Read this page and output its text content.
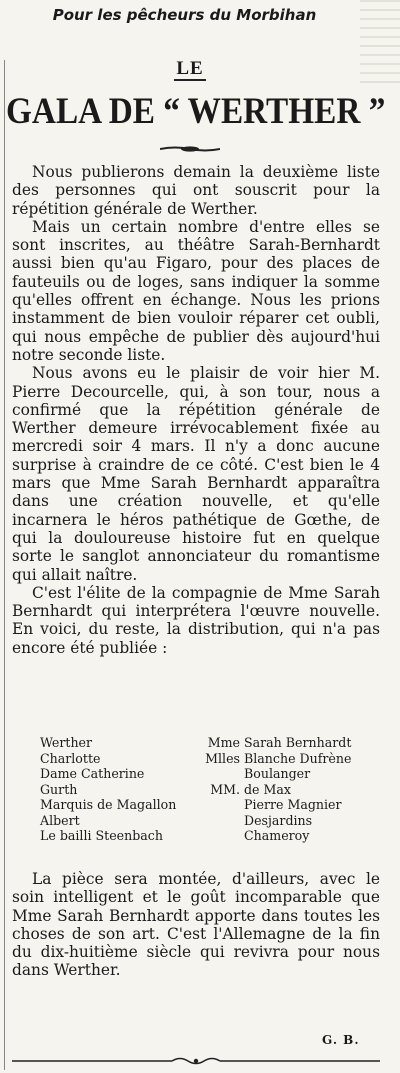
Pour les pêcheurs du Morbihan
LE
GALA DE “ WERTHER ”

Nous publierons demain la deuxième liste des personnes qui ont souscrit pour la répétition générale de Werther.

Mais un certain nombre d'entre elles se sont inscrites, au théâtre Sarah-Bernhardt aussi bien qu'au Figaro, pour des places de fauteuils ou de loges, sans indiquer la somme qu'elles offrent en échange. Nous les prions instamment de bien vouloir réparer cet oubli, qui nous empêche de publier dès aujourd'hui notre seconde liste.

Nous avons eu le plaisir de voir hier M. Pierre Decourcelle, qui, à son tour, nous a confirmé que la répétition générale de Werther demeure irrévocablement fixée au mercredi soir 4 mars. Il n'y a donc aucune surprise à craindre de ce côté. C'est bien le 4 mars que Mme Sarah Bernhardt apparaîtra dans une création nouvelle, et qu'elle incarnera le héros pathétique de Gœthe, de qui la douloureuse histoire fut en quelque sorte le sanglot annonciateur du romantisme qui allait naître.

C'est l'élite de la compagnie de Mme Sarah Bernhardt qui interprétera l'œuvre nouvelle. En voici, du reste, la distribution, qui n'a pas encore été publiée :

Werther	Mme Sarah Bernhardt
Charlotte	Mlles Blanche Dufrène
Dame Catherine	Boulanger
Gurth	MM. de Max
Marquis de Magallon	Pierre Magnier
Albert	Desjardins
Le bailli Steenbach	Chameroy

La pièce sera montée, d'ailleurs, avec le soin intelligent et le goût incomparable que Mme Sarah Bernhardt apporte dans toutes les choses de son art. C'est l'Allemagne de la fin du dix-huitième siècle qui revivra pour nous dans Werther.

G. B.
